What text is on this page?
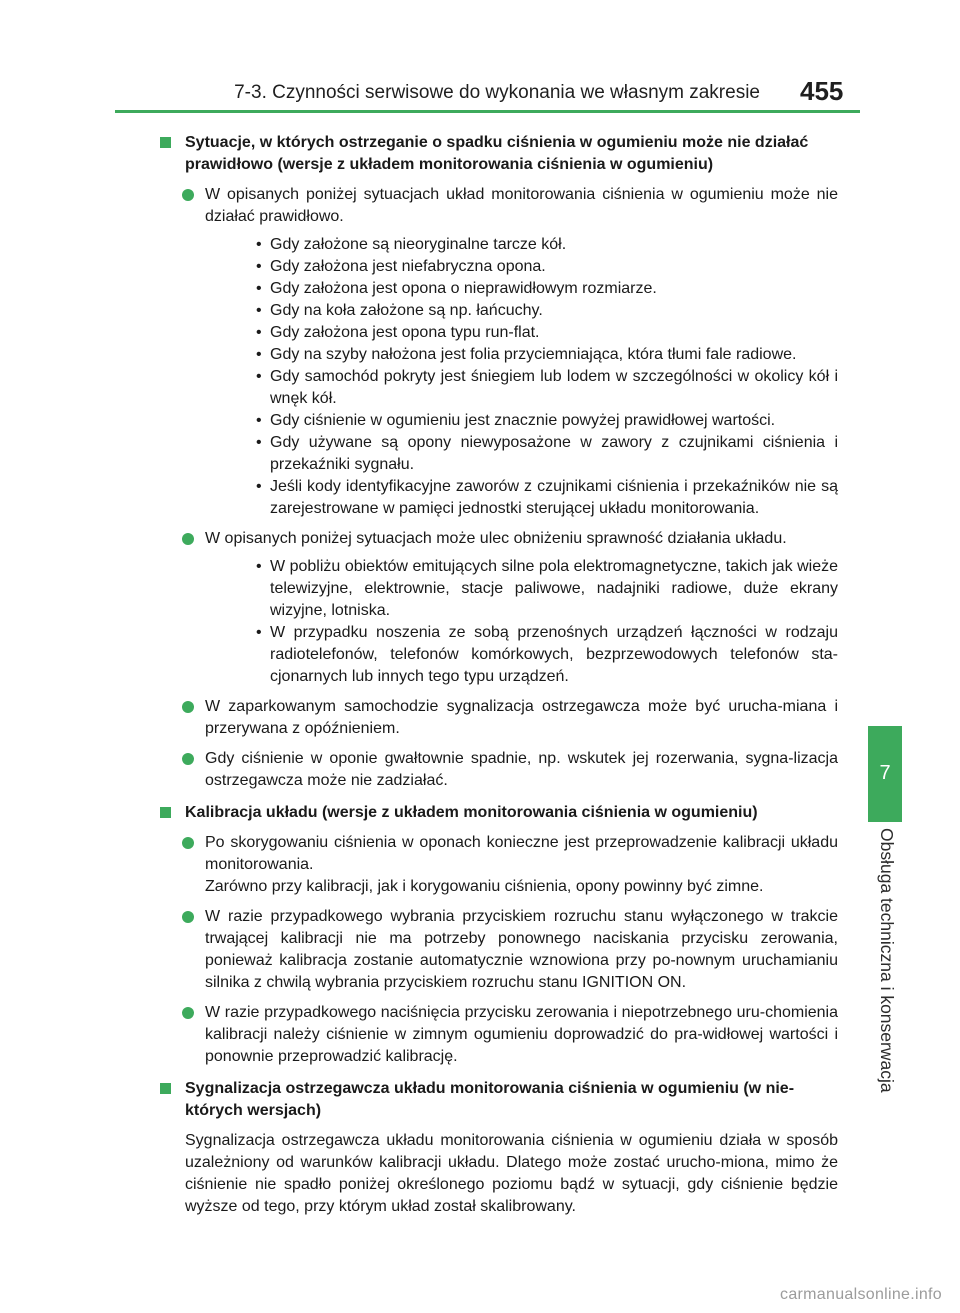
7-3. Czynności serwisowe do wykonania we własnym zakresie 455
7
Obsługa techniczna i konserwacja
Sytuacje, w których ostrzeganie o spadku ciśnienia w ogumieniu może nie działać prawidłowo (wersje z układem monitorowania ciśnienia w ogumieniu)
W opisanych poniżej sytuacjach układ monitorowania ciśnienia w ogumieniu może nie działać prawidłowo.
• Gdy założone są nieoryginalne tarcze kół.
• Gdy założona jest niefabryczna opona.
• Gdy założona jest opona o nieprawidłowym rozmiarze.
• Gdy na koła założone są np. łańcuchy.
• Gdy założona jest opona typu run-flat.
• Gdy na szyby nałożona jest folia przyciemniająca, która tłumi fale radiowe.
• Gdy samochód pokryty jest śniegiem lub lodem w szczególności w okolicy kół i wnęk kół.
• Gdy ciśnienie w ogumieniu jest znacznie powyżej prawidłowej wartości.
• Gdy używane są opony niewyposażone w zawory z czujnikami ciśnienia i przekaźniki sygnału.
• Jeśli kody identyfikacyjne zaworów z czujnikami ciśnienia i przekaźników nie są zarejestrowane w pamięci jednostki sterującej układu monitorowania.
W opisanych poniżej sytuacjach może ulec obniżeniu sprawność działania układu.
• W pobliżu obiektów emitujących silne pola elektromagnetyczne, takich jak wieże telewizyjne, elektrownie, stacje paliwowe, nadajniki radiowe, duże ekrany wizyjne, lotniska.
• W przypadku noszenia ze sobą przenośnych urządzeń łączności w rodzaju radiotelefonów, telefonów komórkowych, bezprzewodowych telefonów sta-cjonarnych lub innych tego typu urządzeń.
W zaparkowanym samochodzie sygnalizacja ostrzegawcza może być urucha-miana i przerywana z opóźnieniem.
Gdy ciśnienie w oponie gwałtownie spadnie, np. wskutek jej rozerwania, sygna-lizacja ostrzegawcza może nie zadziałać.
Kalibracja układu (wersje z układem monitorowania ciśnienia w ogumieniu)
Po skorygowaniu ciśnienia w oponach konieczne jest przeprowadzenie kalibracji układu monitorowania.
Zarówno przy kalibracji, jak i korygowaniu ciśnienia, opony powinny być zimne.
W razie przypadkowego wybrania przyciskiem rozruchu stanu wyłączonego w trakcie trwającej kalibracji nie ma potrzeby ponownego naciskania przycisku zerowania, ponieważ kalibracja zostanie automatycznie wznowiona przy po-nownym uruchamianiu silnika z chwilą wybrania przyciskiem rozruchu stanu IGNITION ON.
W razie przypadkowego naciśnięcia przycisku zerowania i niepotrzebnego uru-chomienia kalibracji należy ciśnienie w zimnym ogumieniu doprowadzić do pra-widłowej wartości i ponownie przeprowadzić kalibrację.
Sygnalizacja ostrzegawcza układu monitorowania ciśnienia w ogumieniu (w nie-których wersjach)
Sygnalizacja ostrzegawcza układu monitorowania ciśnienia w ogumieniu działa w sposób uzależniony od warunków kalibracji układu. Dlatego może zostać urucho-miona, mimo że ciśnienie nie spadło poniżej określonego poziomu bądź w sytuacji, gdy ciśnienie będzie wyższe od tego, przy którym układ został skalibrowany.
carmanualsonline.info
